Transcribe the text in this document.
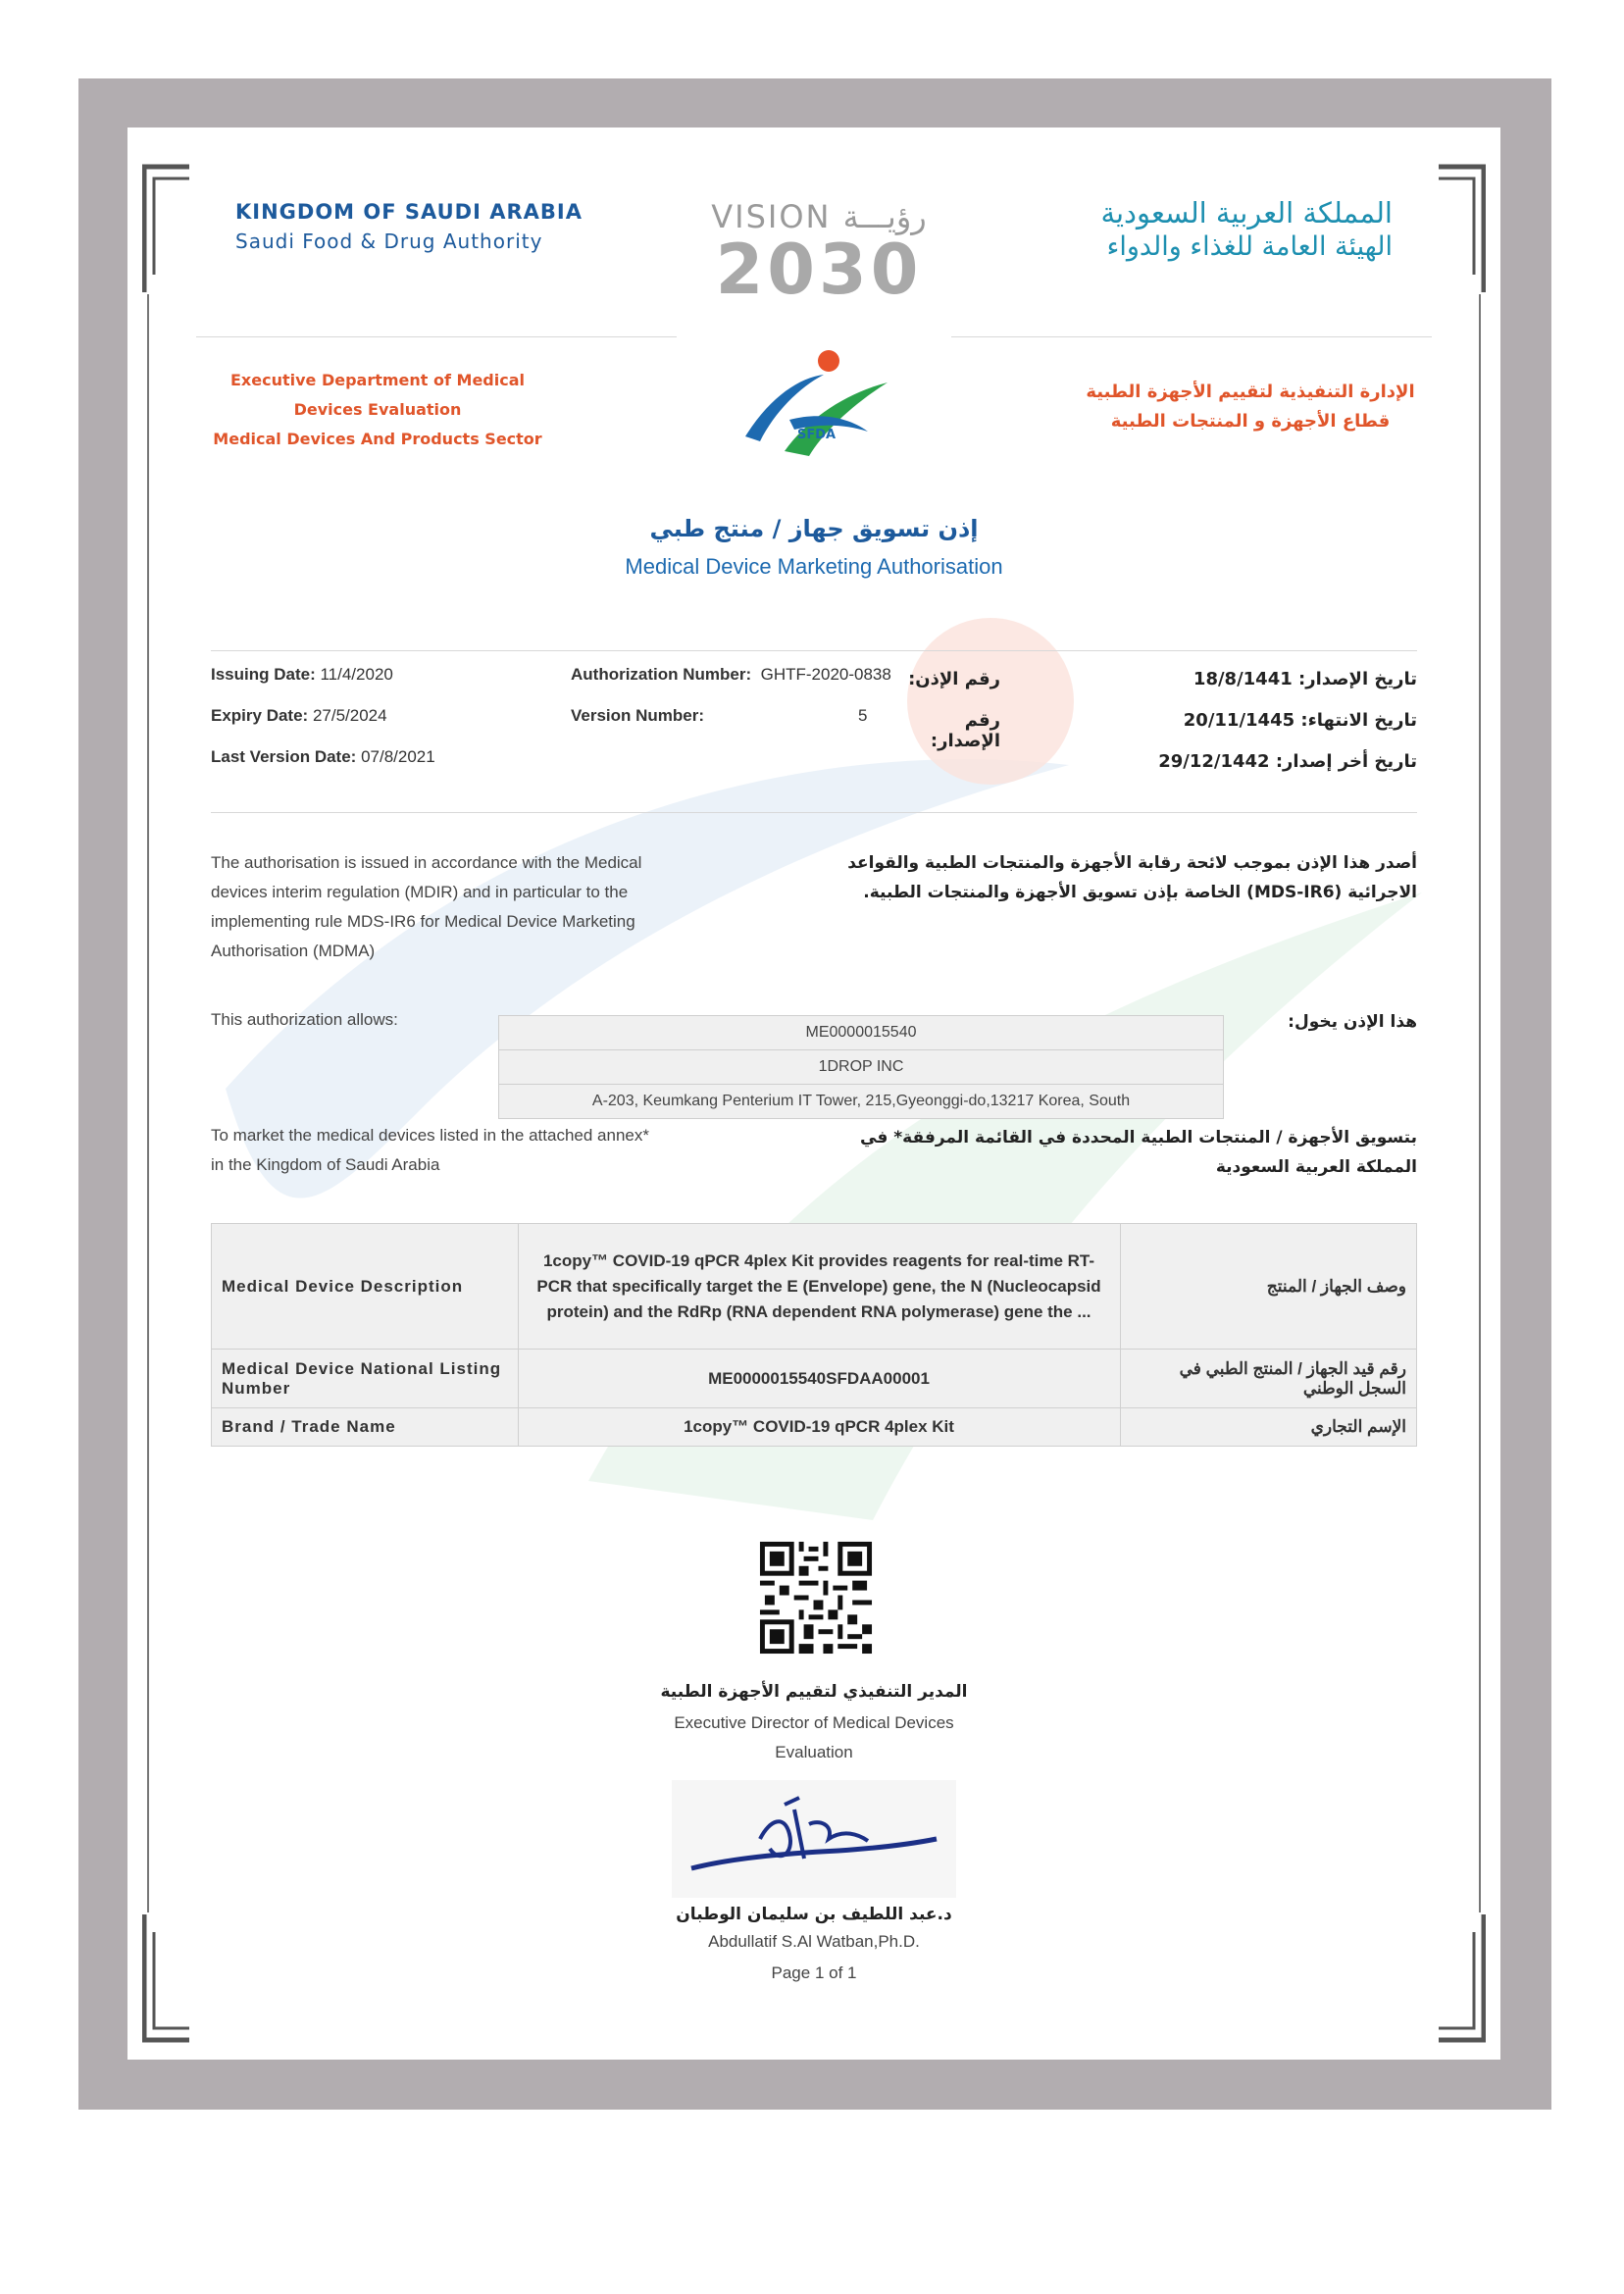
KINGDOM OF SAUDI ARABIA
Saudi Food & Drug Authority
VISION رؤيـــة
2030
المملكة العربية السعودية
الهيئة العامة للغذاء والدواء
SFDA
Executive Department of Medical
Devices Evaluation
Medical Devices And Products Sector
الإدارة التنفيذية لتقييم الأجهزة الطبية
قطاع الأجهزة و المنتجات الطبية
إذن تسويق جهاز / منتج طبي
Medical Device Marketing Authorisation
Issuing Date: 11/4/2020
Expiry Date: 27/5/2024
Last Version Date: 07/8/2021
Authorization Number: GHTF-2020-0838
Version Number:	5
رقم الإذن:
رقم الإصدار:
تاريخ الإصدار: 18/8/1441
تاريخ الانتهاء: 20/11/1445
تاريخ أخر إصدار: 29/12/1442
The authorisation is issued in accordance with the Medical
devices interim regulation (MDIR) and in particular to the
implementing rule MDS-IR6 for Medical Device Marketing
Authorisation (MDMA)
أصدر هذا الإذن بموجب لائحة رقابة الأجهزة والمنتجات الطبية والقواعد
الاجرائية (MDS-IR6) الخاصة بإذن تسويق الأجهزة والمنتجات الطبية.
This authorization allows:	هذا الإذن يخول:
ME0000015540
1DROP INC
A-203, Keumkang Penterium IT Tower, 215,Gyeonggi-do,13217 Korea, South
To market the medical devices listed in the attached annex*
in the Kingdom of Saudi Arabia
بتسويق الأجهزة / المنتجات الطبية المحددة في القائمة المرفقة* في
المملكة العربية السعودية
Medical Device Description	1copy™ COVID-19 qPCR 4plex Kit provides reagents for real-time RT-PCR that specifically target the E (Envelope) gene, the N (Nucleocapsid protein) and the RdRp (RNA dependent RNA polymerase) gene the ...	وصف الجهاز / المنتج
Medical Device National Listing Number	ME0000015540SFDAA00001	رقم قيد الجهاز / المنتج الطبي في السجل الوطني
Brand / Trade Name	1copy™ COVID-19 qPCR 4plex Kit	الإسم التجاري
المدير التنفيذي لتقييم الأجهزة الطبية
Executive Director of Medical Devices
Evaluation
د.عبد اللطيف بن سليمان الوطبان
Abdullatif S.Al Watban,Ph.D.
Page 1 of 1
